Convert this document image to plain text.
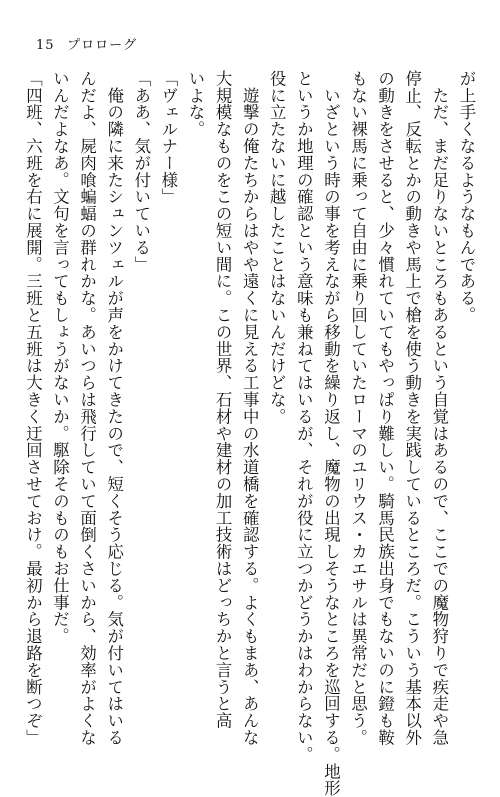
15 プロローグ
が上手くなるようなもんである。
　ただ、まだ足りないところもあるという自覚はあるので、ここでの魔物狩りで疾走や急
停止、反転とかの動きや馬上で槍を使う動きを実践しているところだ。こういう基本以外
の動きをさせると、少々慣れていてもやっぱり難しい。騎馬民族出身でもないのに鐙も鞍
もない裸馬に乗って自由に乗り回していたローマのユリウス・カエサルは異常だと思う。
　いざという時の事を考えながら移動を繰り返し、魔物の出現しそうなところを巡回する。地形
というか地理の確認という意味も兼ねてはいるが、それが役に立つかどうかはわからない。
役に立たないに越したことはないんだけどな。
　遊撃の俺たちからはやや遠くに見える工事中の水道橋を確認する。よくもまあ、あんな
大規模なものをこの短い間に。この世界、石材や建材の加工技術はどっちかと言うと高
いよな。
「ヴェルナー様」
「ああ、気が付いている」
　俺の隣に来たシュンツェルが声をかけてきたので、短くそう応じる。気が付いてはいる
んだよ、屍肉喰蝙蝠の群れかな。あいつらは飛行していて面倒くさいから、効率がよくな
いんだよなあ。文句を言ってもしょうがないか。駆除そのものもお仕事だ。
「四班、六班を右に展開。三班と五班は大きく迂回させておけ。最初から退路を断つぞ」
